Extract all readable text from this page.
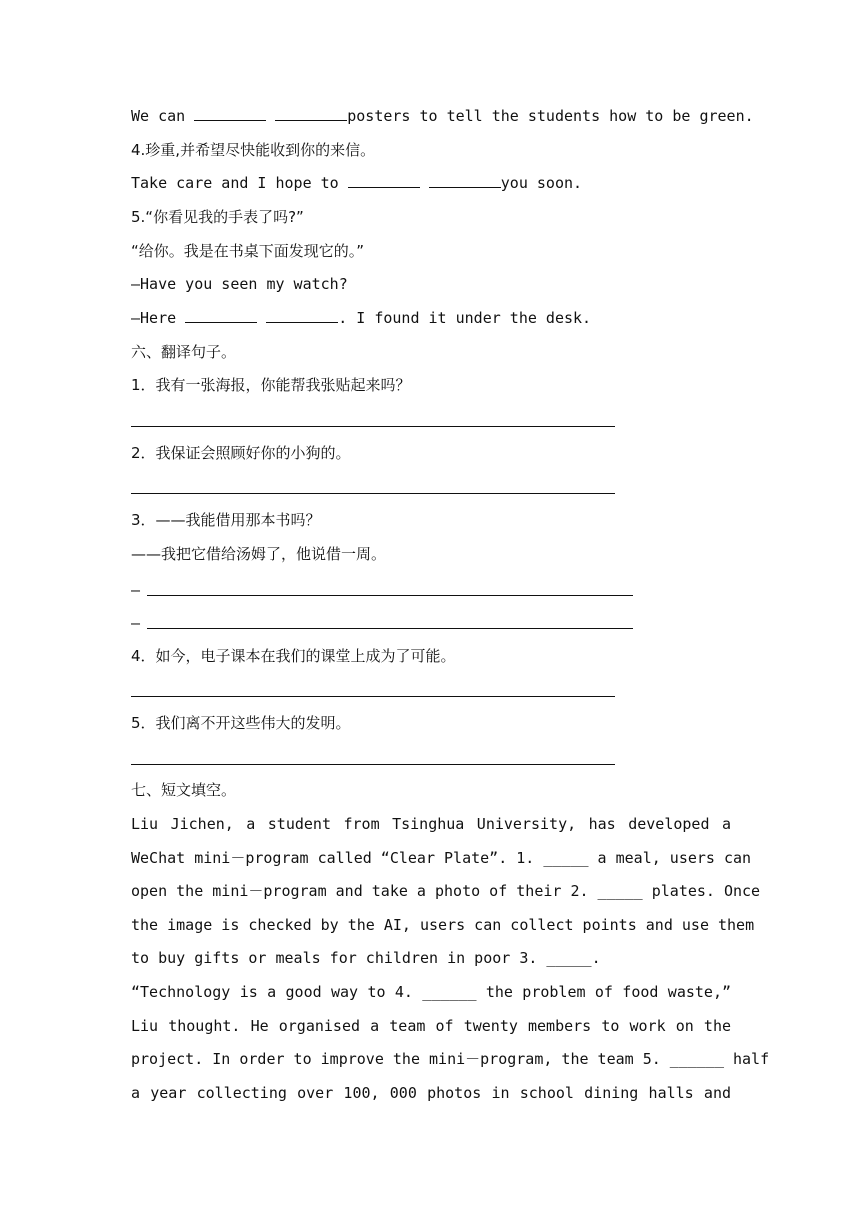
We can	posters to tell the students how to be green.
4.珍重,并希望尽快能收到你的来信。
Take care and I hope to	you soon.
5.“你看见我的手表了吗?”
“给你。我是在书桌下面发现它的。”
—Have you seen my watch?
—Here	. I found it under the desk.
六、翻译句子。
1．我有一张海报，你能帮我张贴起来吗？
2．我保证会照顾好你的小狗的。
3．——我能借用那本书吗？
——我把它借给汤姆了，他说借一周。
—
—
4．如今，电子课本在我们的课堂上成为了可能。
5．我们离不开这些伟大的发明。
七、短文填空。
Liu Jichen, a student from Tsinghua University, has developed a
WeChat mini－program called “Clear Plate”. 1. _____ a meal, users can
open the mini－program and take a photo of their 2. _____ plates. Once
the image is checked by the AI, users can collect points and use them
to buy gifts or meals for children in poor 3. _____.
“Technology is a good way to 4. ______ the problem of food waste,”
Liu thought. He organised a team of twenty members to work on the
project. In order to improve the mini－program, the team 5. ______ half
a year collecting over 100, 000 photos in school dining halls and
